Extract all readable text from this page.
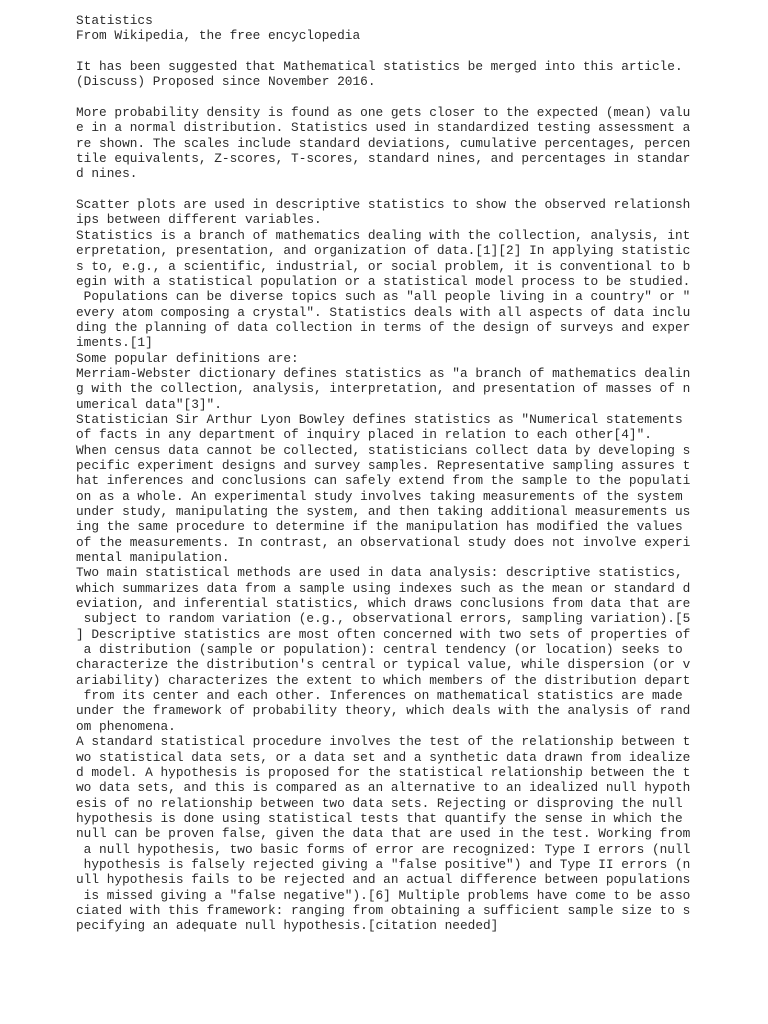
Statistics
From Wikipedia, the free encyclopedia
It has been suggested that Mathematical statistics be merged into this article.
(Discuss) Proposed since November 2016.
More probability density is found as one gets closer to the expected (mean) valu
e in a normal distribution. Statistics used in standardized testing assessment a
re shown. The scales include standard deviations, cumulative percentages, percen
tile equivalents, Z-scores, T-scores, standard nines, and percentages in standar
d nines.
Scatter plots are used in descriptive statistics to show the observed relationsh
ips between different variables.
Statistics is a branch of mathematics dealing with the collection, analysis, int
erpretation, presentation, and organization of data.[1][2] In applying statistic
s to, e.g., a scientific, industrial, or social problem, it is conventional to b
egin with a statistical population or a statistical model process to be studied.
Populations can be diverse topics such as "all people living in a country" or "
every atom composing a crystal". Statistics deals with all aspects of data inclu
ding the planning of data collection in terms of the design of surveys and exper
iments.[1]
Some popular definitions are:
Merriam-Webster dictionary defines statistics as "a branch of mathematics dealin
g with the collection, analysis, interpretation, and presentation of masses of n
umerical data"[3]".
Statistician Sir Arthur Lyon Bowley defines statistics as "Numerical statements
of facts in any department of inquiry placed in relation to each other[4]".
When census data cannot be collected, statisticians collect data by developing s
pecific experiment designs and survey samples. Representative sampling assures t
hat inferences and conclusions can safely extend from the sample to the populati
on as a whole. An experimental study involves taking measurements of the system
under study, manipulating the system, and then taking additional measurements us
ing the same procedure to determine if the manipulation has modified the values
of the measurements. In contrast, an observational study does not involve experi
mental manipulation.
Two main statistical methods are used in data analysis: descriptive statistics,
which summarizes data from a sample using indexes such as the mean or standard d
eviation, and inferential statistics, which draws conclusions from data that are
subject to random variation (e.g., observational errors, sampling variation).[5
] Descriptive statistics are most often concerned with two sets of properties of
a distribution (sample or population): central tendency (or location) seeks to
characterize the distribution's central or typical value, while dispersion (or v
ariability) characterizes the extent to which members of the distribution depart
from its center and each other. Inferences on mathematical statistics are made
under the framework of probability theory, which deals with the analysis of rand
om phenomena.
A standard statistical procedure involves the test of the relationship between t
wo statistical data sets, or a data set and a synthetic data drawn from idealize
d model. A hypothesis is proposed for the statistical relationship between the t
wo data sets, and this is compared as an alternative to an idealized null hypoth
esis of no relationship between two data sets. Rejecting or disproving the null
hypothesis is done using statistical tests that quantify the sense in which the
null can be proven false, given the data that are used in the test. Working from
a null hypothesis, two basic forms of error are recognized: Type I errors (null
hypothesis is falsely rejected giving a "false positive") and Type II errors (n
ull hypothesis fails to be rejected and an actual difference between populations
is missed giving a "false negative").[6] Multiple problems have come to be asso
ciated with this framework: ranging from obtaining a sufficient sample size to s
pecifying an adequate null hypothesis.[citation needed]
